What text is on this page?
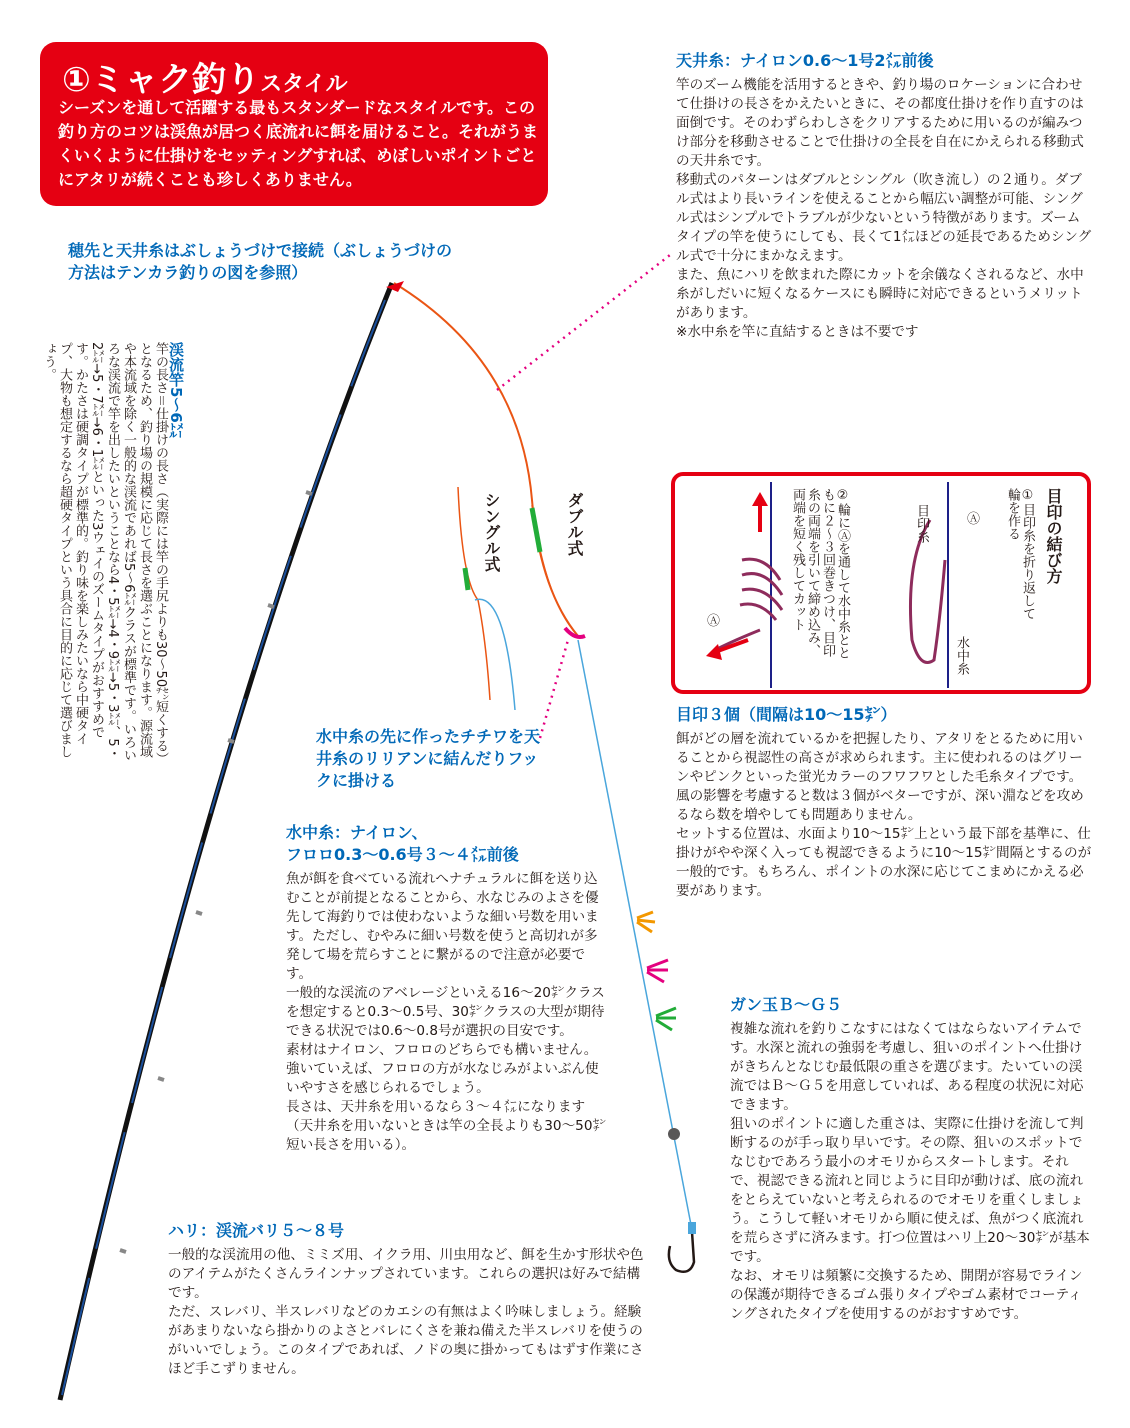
①ミャク釣りスタイル
シーズンを通して活躍する最もスタンダードなスタイルです。この釣り方のコツは渓魚が居つく底流れに餌を届けること。それがうまくいくように仕掛けをセッティングすれば、めぼしいポイントごとにアタリが続くことも珍しくありません。
穂先と天井糸はぶしょうづけで接続（ぶしょうづけの方法はテンカラ釣りの図を参照）
水中糸の先に作ったチチワを天井糸のリリアンに結んだりフックに掛ける
シングル式	ダブル式
渓流竿5～6㍍
竿の長さ＝仕掛けの長さ（実際には竿の手尻よりも30～50㌢短くする）となるため、釣り場の規模に応じて長さを選ぶことになります。源流域や本流域を除く一般的な渓流であれば5～6㍍クラスが標準です。いろいろな渓流で竿を出したいということなら4・5㍍→4・9㍍→5・3㍍、5・2㍍→5・7㍍→6・1㍍といった3ウェイのズームタイプがおすすめです。かたさは硬調タイプが標準的。釣り味を楽しみたいなら中硬タイプ、大物も想定するなら超硬タイプという具合に目的に応じて選びましょう。
天井糸：ナイロン0.6～1号2㍍前後
竿のズーム機能を活用するときや、釣り場のロケーションに合わせて仕掛けの長さをかえたいときに、その都度仕掛けを作り直すのは面倒です。そのわずらわしさをクリアするために用いるのが編みつけ部分を移動させることで仕掛けの全長を自在にかえられる移動式の天井糸です。
移動式のパターンはダブルとシングル（吹き流し）の２通り。ダブル式はより長いラインを使えることから幅広い調整が可能、シングル式はシンプルでトラブルが少ないという特徴があります。ズームタイプの竿を使うにしても、長くて1㍍ほどの延長であるためシングル式で十分にまかなえます。
また、魚にハリを飲まれた際にカットを余儀なくされるなど、水中糸がしだいに短くなるケースにも瞬時に対応できるというメリットがあります。
※水中糸を竿に直結するときは不要です
目印の結び方
①目印糸を折り返して輪を作る
②輪にⒶを通して水中糸とともに２～３回巻きつけ、目印糸の両端を引いて締め込み、両端を短く残してカット	目印糸
水中糸
Ⓐ
Ⓐ
目印３個（間隔は10～15㌢）
餌がどの層を流れているかを把握したり、アタリをとるために用いることから視認性の高さが求められます。主に使われるのはグリーンやピンクといった蛍光カラーのフワフワとした毛糸タイプです。風の影響を考慮すると数は３個がベターですが、深い淵などを攻めるなら数を増やしても問題ありません。
セットする位置は、水面より10～15㌢上という最下部を基準に、仕掛けがやや深く入っても視認できるように10～15㌢間隔とするのが一般的です。もちろん、ポイントの水深に応じてこまめにかえる必要があります。
水中糸：ナイロン、
フロロ0.3～0.6号３～４㍍前後
魚が餌を食べている流れへナチュラルに餌を送り込むことが前提となることから、水なじみのよさを優先して海釣りでは使わないような細い号数を用います。ただし、むやみに細い号数を使うと高切れが多発して場を荒らすことに繋がるので注意が必要です。
一般的な渓流のアベレージといえる16～20㌢クラスを想定すると0.3～0.5号、30㌢クラスの大型が期待できる状況では0.6～0.8号が選択の目安です。
素材はナイロン、フロロのどちらでも構いません。強いていえば、フロロの方が水なじみがよいぶん使いやすさを感じられるでしょう。
長さは、天井糸を用いるなら３～４㍍になります（天井糸を用いないときは竿の全長よりも30～50㌢短い長さを用いる）。
ガン玉Ｂ～Ｇ５
複雑な流れを釣りこなすにはなくてはならないアイテムです。水深と流れの強弱を考慮し、狙いのポイントへ仕掛けがきちんとなじむ最低限の重さを選びます。たいていの渓流ではＢ～Ｇ５を用意していれば、ある程度の状況に対応できます。
狙いのポイントに適した重さは、実際に仕掛けを流して判断するのが手っ取り早いです。その際、狙いのスポットでなじむであろう最小のオモリからスタートします。それで、視認できる流れと同じように目印が動けば、底の流れをとらえていないと考えられるのでオモリを重くしましょう。こうして軽いオモリから順に使えば、魚がつく底流れを荒らさずに済みます。打つ位置はハリ上20～30㌢が基本です。
なお、オモリは頻繁に交換するため、開閉が容易でラインの保護が期待できるゴム張りタイプやゴム素材でコーティングされたタイプを使用するのがおすすめです。
ハリ：渓流バリ５～８号
一般的な渓流用の他、ミミズ用、イクラ用、川虫用など、餌を生かす形状や色のアイテムがたくさんラインナップされています。これらの選択は好みで結構です。
ただ、スレバリ、半スレバリなどのカエシの有無はよく吟味しましょう。経験があまりないなら掛かりのよさとバレにくさを兼ね備えた半スレバリを使うのがいいでしょう。このタイプであれば、ノドの奥に掛かってもはずす作業にさほど手こずりません。
